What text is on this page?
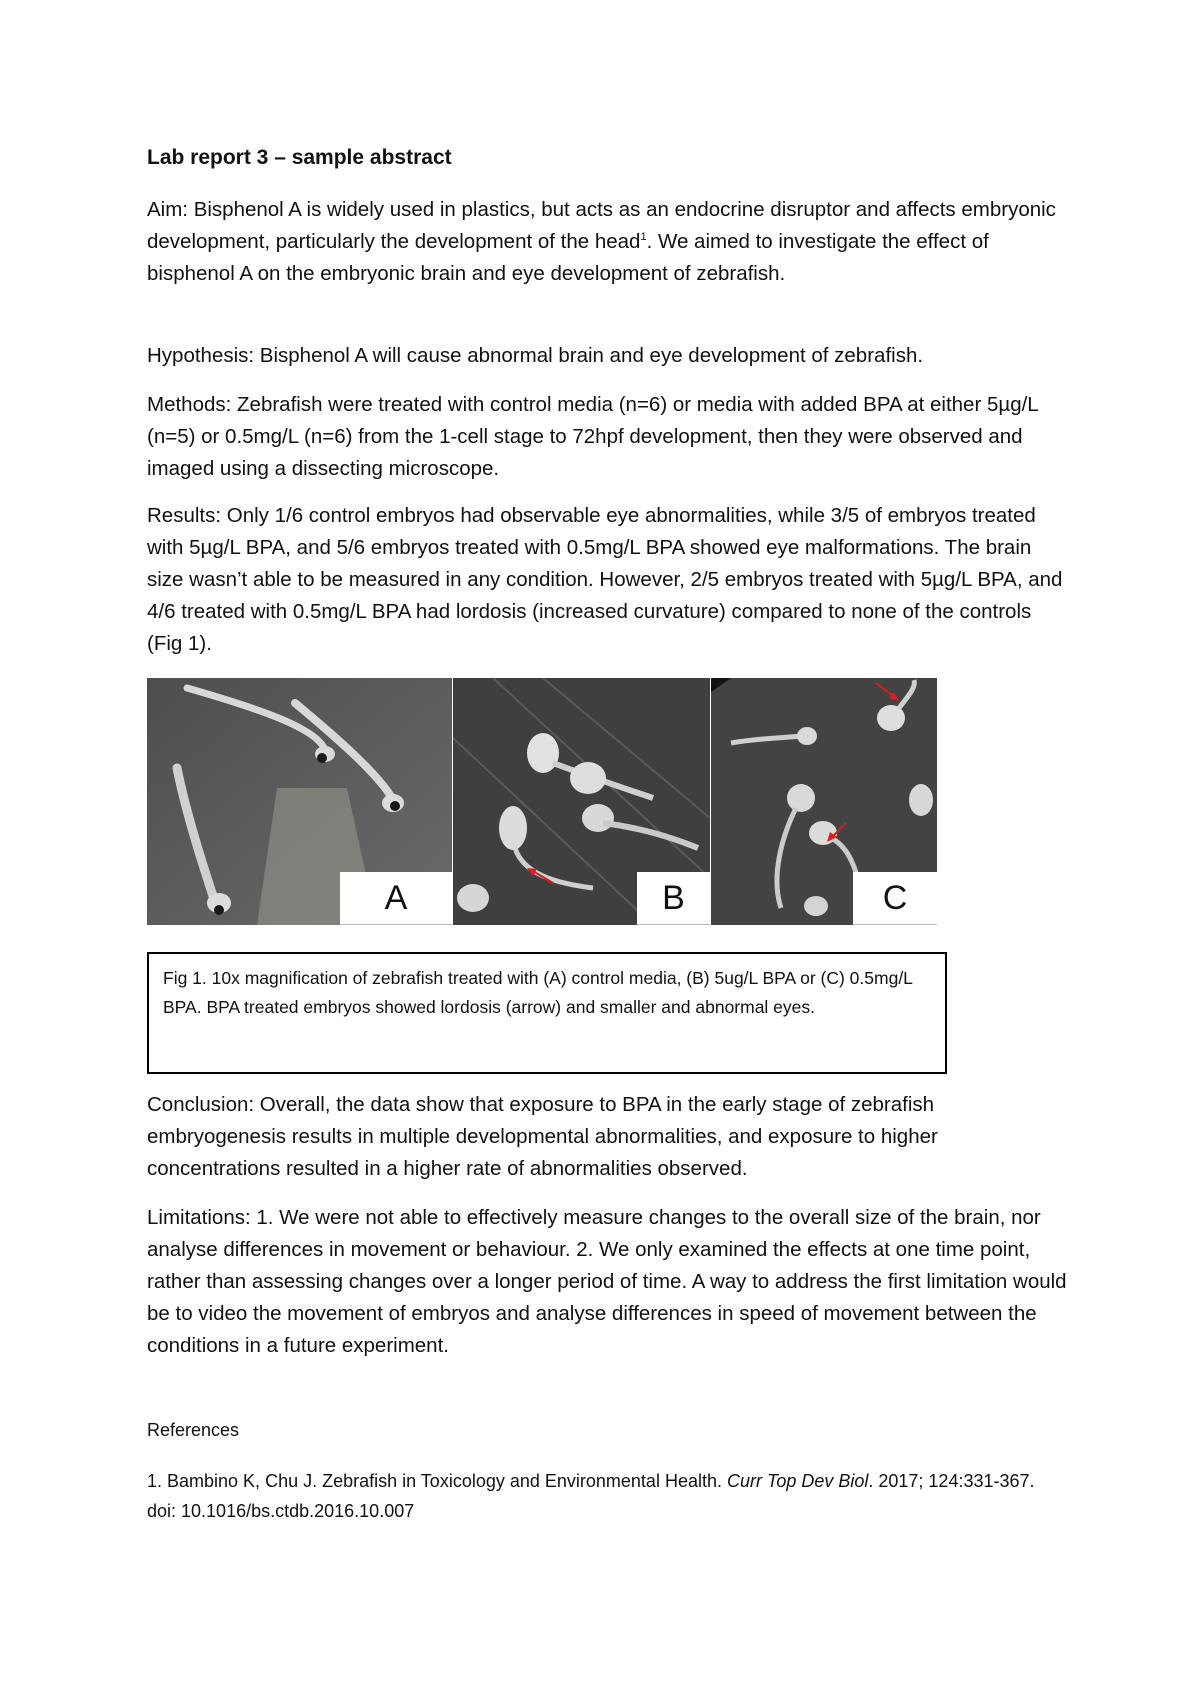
Lab report 3 – sample abstract

Aim: Bisphenol A is widely used in plastics, but acts as an endocrine disruptor and affects embryonic development, particularly the development of the head$^1$. We aimed to investigate the effect of bisphenol A on the embryonic brain and eye development of zebrafish.

Hypothesis: Bisphenol A will cause abnormal brain and eye development of zebrafish.

Methods: Zebrafish were treated with control media (n=6) or media with added BPA at either 5µg/L (n=5) or 0.5mg/L (n=6) from the 1-cell stage to 72hpf development, then they were observed and imaged using a dissecting microscope.

Results: Only 1/6 control embryos had observable eye abnormalities, while 3/5 of embryos treated with 5µg/L BPA, and 5/6 embryos treated with 0.5mg/L BPA showed eye malformations. The brain size wasn’t able to be measured in any condition. However, 2/5 embryos treated with 5µg/L BPA, and 4/6 treated with 0.5mg/L BPA had lordosis (increased curvature) compared to none of the controls (Fig 1).

A	B	C

Fig 1. 10x magnification of zebrafish treated with (A) control media, (B) 5ug/L BPA or (C) 0.5mg/L BPA. BPA treated embryos showed lordosis (arrow) and smaller and abnormal eyes.

Conclusion: Overall, the data show that exposure to BPA in the early stage of zebrafish embryogenesis results in multiple developmental abnormalities, and exposure to higher concentrations resulted in a higher rate of abnormalities observed.

Limitations: 1. We were not able to effectively measure changes to the overall size of the brain, nor analyse differences in movement or behaviour. 2. We only examined the effects at one time point, rather than assessing changes over a longer period of time. A way to address the first limitation would be to video the movement of embryos and analyse differences in speed of movement between the conditions in a future experiment.

References
1. Bambino K, Chu J. Zebrafish in Toxicology and Environmental Health. Curr Top Dev Biol. 2017; 124:331-367. doi: 10.1016/bs.ctdb.2016.10.007
